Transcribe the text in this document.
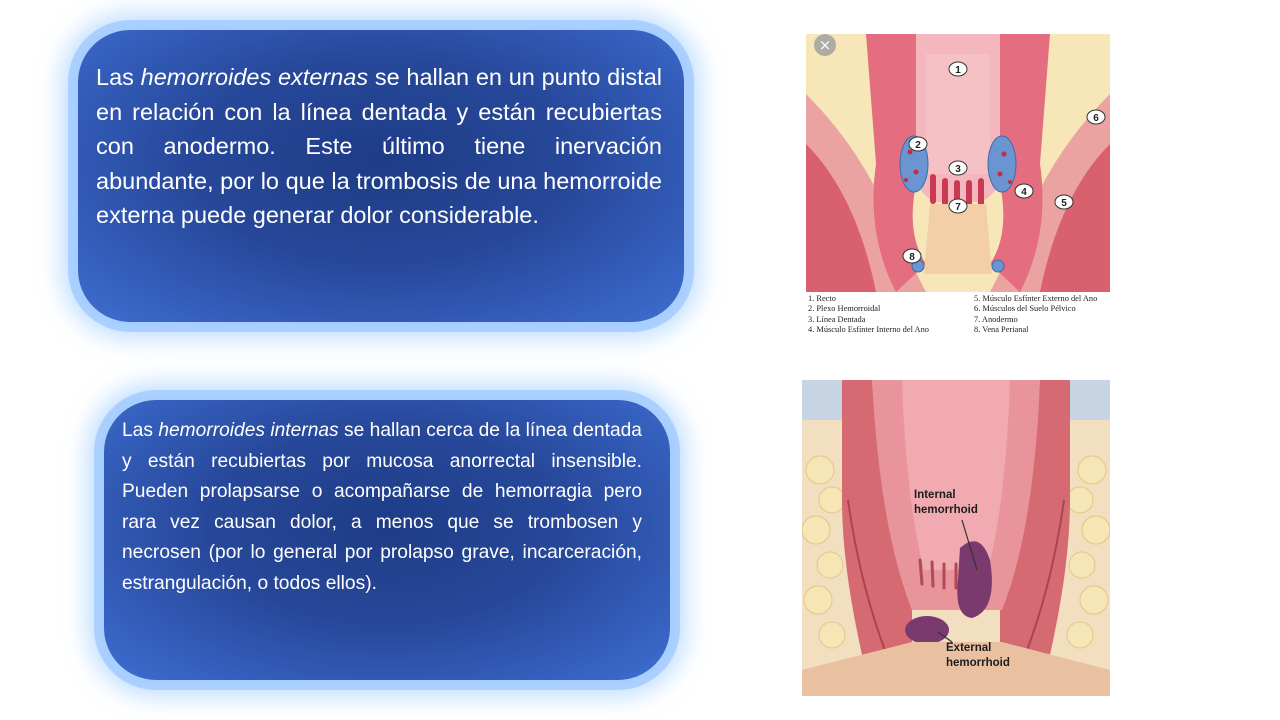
Las hemorroides externas se hallan en un punto distal en relación con la línea dentada y están recubiertas con anodermo. Este último tiene inervación abundante, por lo que la trombosis de una hemorroide externa puede generar dolor considerable.

Las hemorroides internas se hallan cerca de la línea dentada y están recubiertas por mucosa anorrectal insensible. Pueden prolapsarse o acompañarse de hemorragia pero rara vez causan dolor, a menos que se trombosen y necrosen (por lo general por prolapso grave, incarceración, estrangulación, o todos ellos).

1
2
3
4
5
6
7
8
1. Recto
2. Plexo Hemorroidal
3. Línea Dentada
4. Músculo Esfínter Interno del Ano
5. Músculo Esfínter Externo del Ano
6. Músculos del Suelo Pélvico
7. Anodermo
8. Vena Perianal
×
Internal
hemorrhoid
External
hemorrhoid
